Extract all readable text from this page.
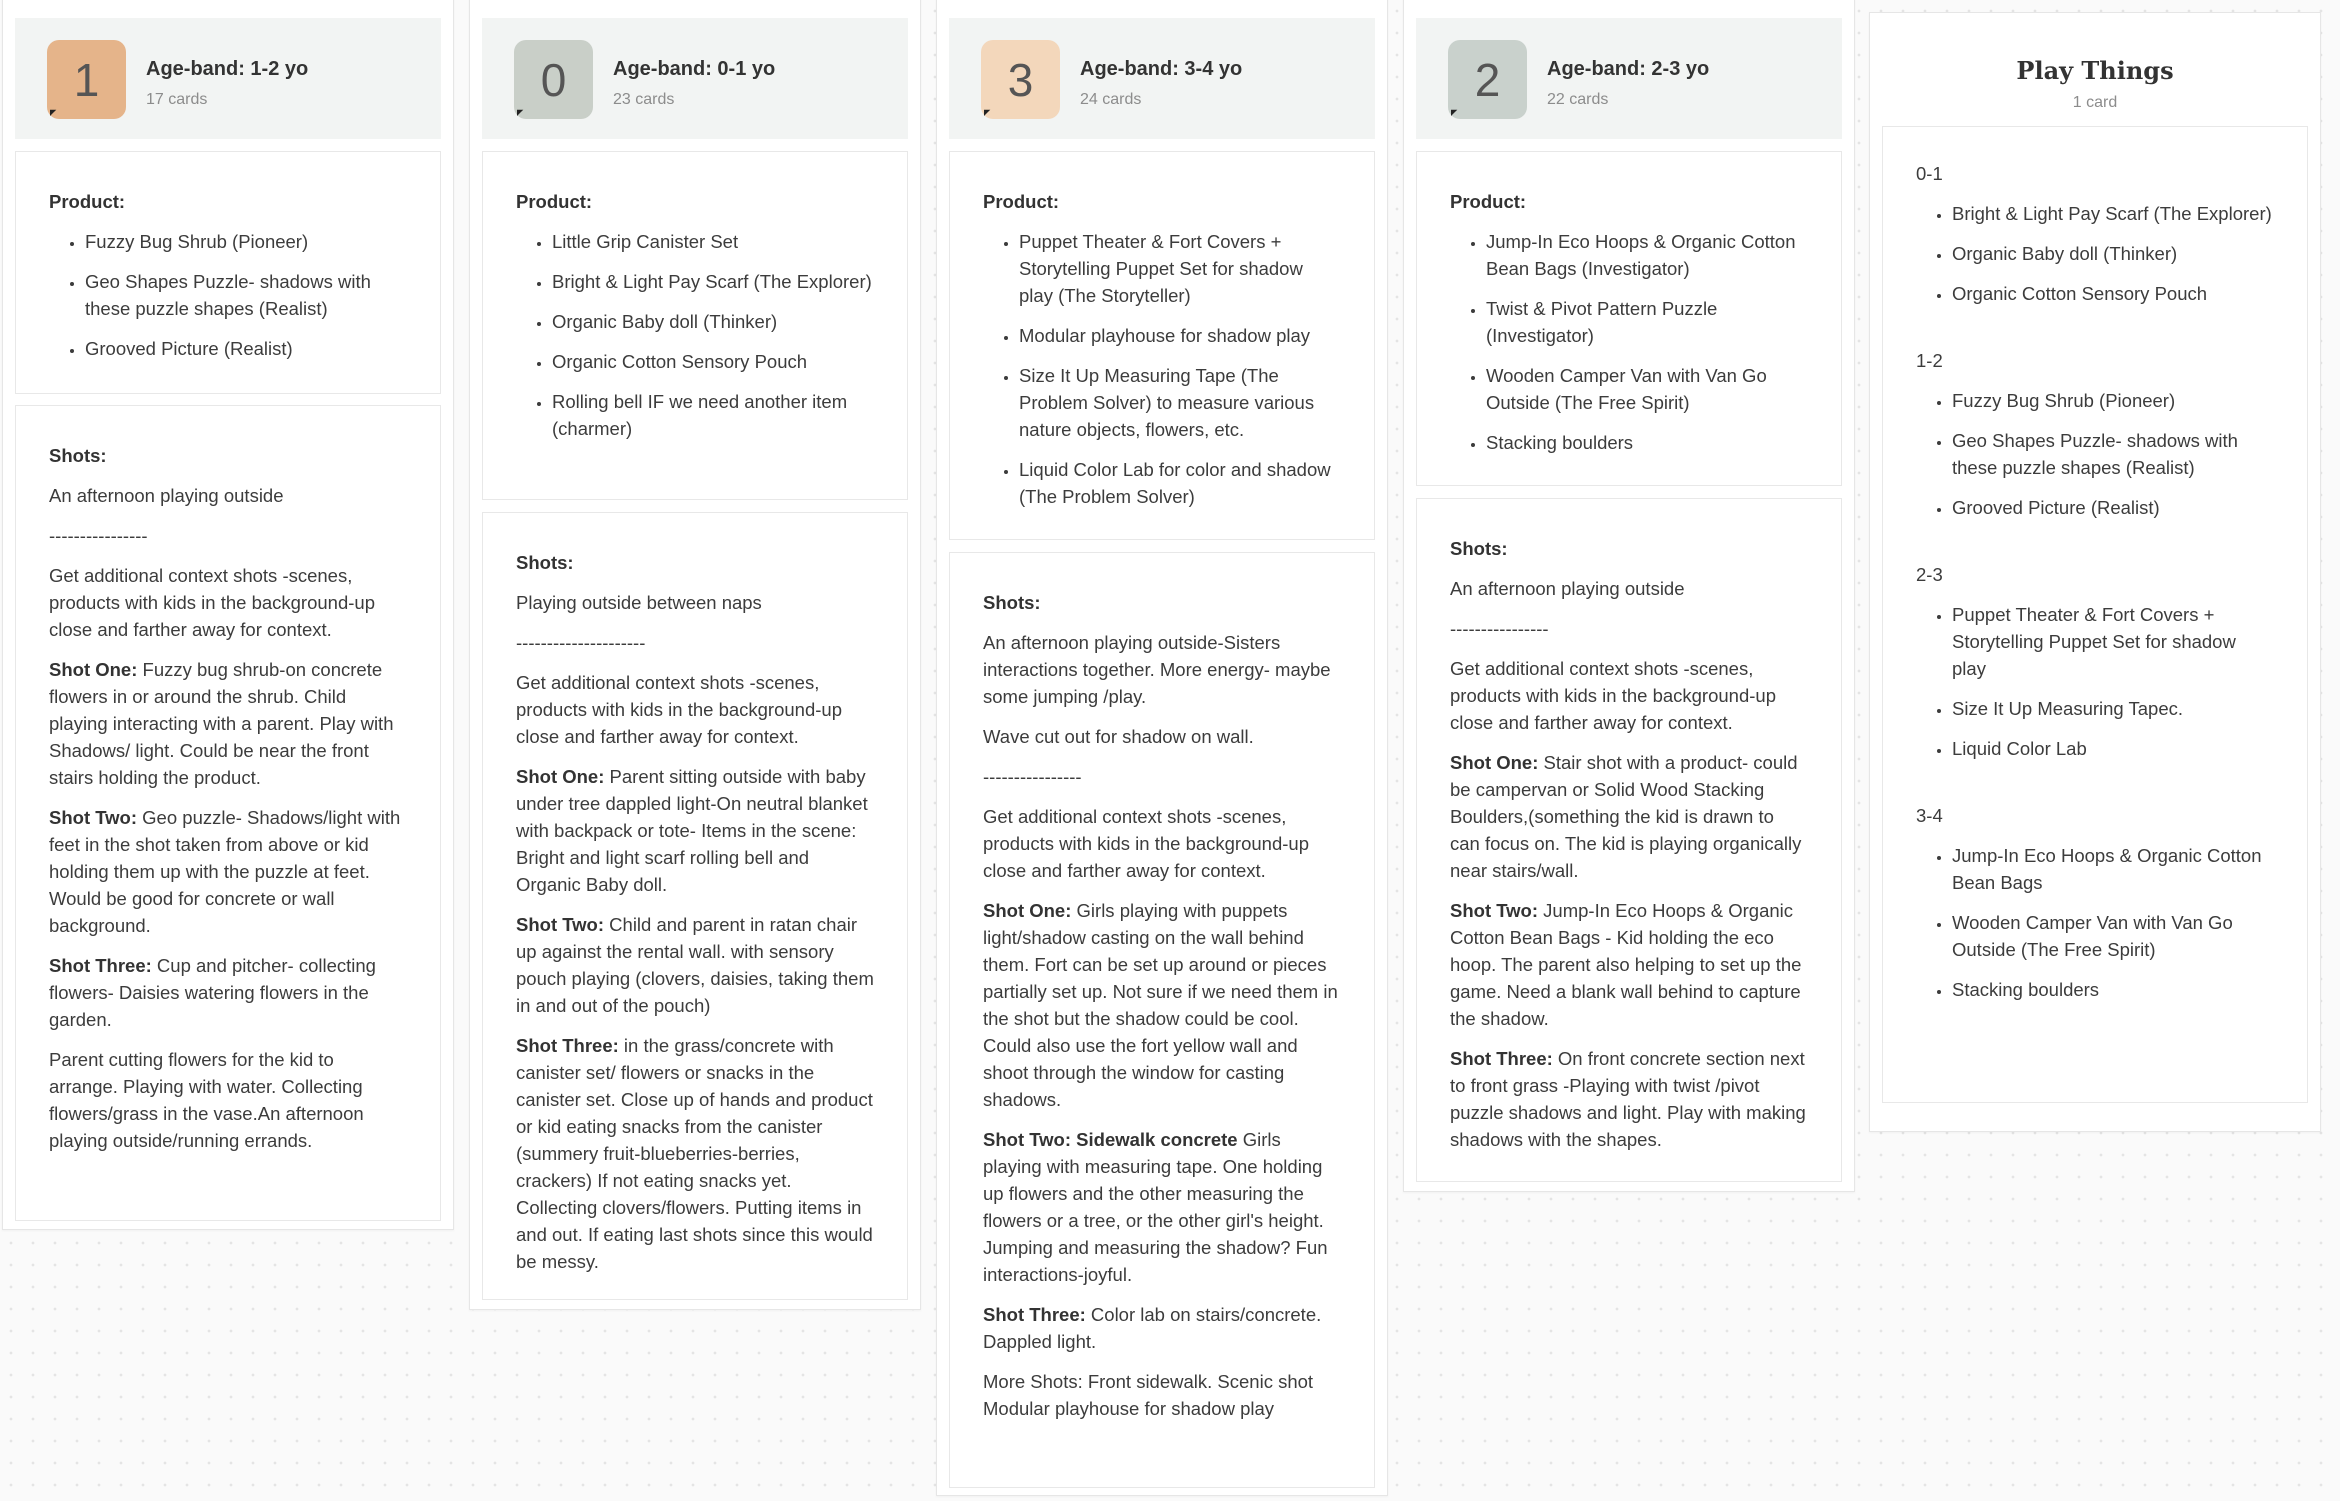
1 Age-band: 1-2 yo
17 cards

Product:

• Fuzzy Bug Shrub (Pioneer)
• Geo Shapes Puzzle- shadows with these puzzle shapes (Realist)
• Grooved Picture (Realist)

Shots:

An afternoon playing outside

----------------

Get additional context shots -scenes, products with kids in the background-up close and farther away for context.

Shot One: Fuzzy bug shrub-on concrete flowers in or around the shrub. Child playing interacting with a parent. Play with Shadows/ light. Could be near the front stairs holding the product.

Shot Two: Geo puzzle- Shadows/light with feet in the shot taken from above or kid holding them up with the puzzle at feet. Would be good for concrete or wall background.

Shot Three: Cup and pitcher- collecting flowers- Daisies watering flowers in the garden.

Parent cutting flowers for the kid to arrange. Playing with water. Collecting flowers/grass in the vase.An afternoon playing outside/running errands.

0 Age-band: 0-1 yo
23 cards

Product:

• Little Grip Canister Set
• Bright & Light Pay Scarf (The Explorer)
• Organic Baby doll (Thinker)
• Organic Cotton Sensory Pouch
• Rolling bell IF we need another item (charmer)

Shots:

Playing outside between naps

---------------------

Get additional context shots -scenes, products with kids in the background-up close and farther away for context.

Shot One: Parent sitting outside with baby under tree dappled light-On neutral blanket with backpack or tote- Items in the scene: Bright and light scarf rolling bell and Organic Baby doll.

Shot Two: Child and parent in ratan chair up against the rental wall. with sensory pouch playing (clovers, daisies, taking them in and out of the pouch)

Shot Three: in the grass/concrete with canister set/ flowers or snacks in the canister set. Close up of hands and product or kid eating snacks from the canister (summery fruit-blueberries-berries, crackers) If not eating snacks yet. Collecting clovers/flowers. Putting items in and out. If eating last shots since this would be messy.

3 Age-band: 3-4 yo
24 cards

Product:

• Puppet Theater & Fort Covers + Storytelling Puppet Set for shadow play (The Storyteller)
• Modular playhouse for shadow play
• Size It Up Measuring Tape (The Problem Solver) to measure various nature objects, flowers, etc.
• Liquid Color Lab for color and shadow (The Problem Solver)

Shots:

An afternoon playing outside-Sisters interactions together. More energy- maybe some jumping /play.

Wave cut out for shadow on wall.

----------------

Get additional context shots -scenes, products with kids in the background-up close and farther away for context.

Shot One: Girls playing with puppets light/shadow casting on the wall behind them. Fort can be set up around or pieces partially set up. Not sure if we need them in the shot but the shadow could be cool. Could also use the fort yellow wall and shoot through the window for casting shadows.

Shot Two: Sidewalk concrete Girls playing with measuring tape. One holding up flowers and the other measuring the flowers or a tree, or the other girl's height. Jumping and measuring the shadow? Fun interactions-joyful.

Shot Three: Color lab on stairs/concrete. Dappled light.

More Shots: Front sidewalk. Scenic shot Modular playhouse for shadow play

2 Age-band: 2-3 yo
22 cards

Product:

• Jump-In Eco Hoops & Organic Cotton Bean Bags (Investigator)
• Twist & Pivot Pattern Puzzle (Investigator)
• Wooden Camper Van with Van Go Outside (The Free Spirit)
• Stacking boulders

Shots:

An afternoon playing outside

----------------

Get additional context shots -scenes, products with kids in the background-up close and farther away for context.

Shot One: Stair shot with a product- could be campervan or Solid Wood Stacking Boulders,(something the kid is drawn to can focus on. The kid is playing organically near stairs/wall.

Shot Two: Jump-In Eco Hoops & Organic Cotton Bean Bags - Kid holding the eco hoop. The parent also helping to set up the game. Need a blank wall behind to capture the shadow.

Shot Three: On front concrete section next to front grass -Playing with twist /pivot puzzle shadows and light. Play with making shadows with the shapes.

Play Things
1 card

0-1

• Bright & Light Pay Scarf (The Explorer)
• Organic Baby doll (Thinker)
• Organic Cotton Sensory Pouch

1-2

• Fuzzy Bug Shrub (Pioneer)
• Geo Shapes Puzzle- shadows with these puzzle shapes (Realist)
• Grooved Picture (Realist)

2-3

• Puppet Theater & Fort Covers + Storytelling Puppet Set for shadow play
• Size It Up Measuring Tapec.
• Liquid Color Lab

3-4

• Jump-In Eco Hoops & Organic Cotton Bean Bags
• Wooden Camper Van with Van Go Outside (The Free Spirit)
• Stacking boulders
